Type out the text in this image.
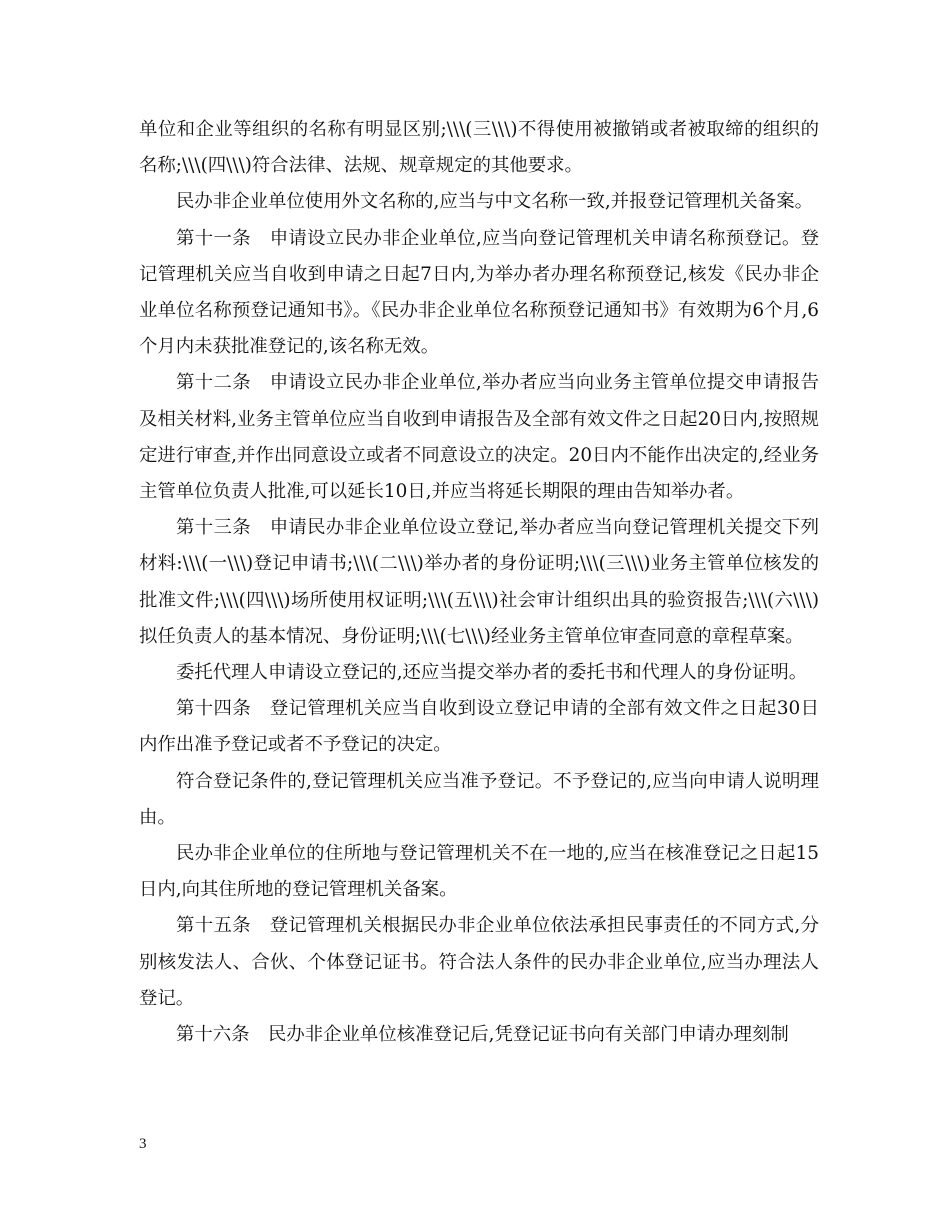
单位和企业等组织的名称有明显区别;\\\(三\\\)不得使用被撤销或者被取缔的组织的名称;\\\(四\\\)符合法律、法规、规章规定的其他要求。

民办非企业单位使用外文名称的,应当与中文名称一致,并报登记管理机关备案。

第十一条　申请设立民办非企业单位,应当向登记管理机关申请名称预登记。登记管理机关应当自收到申请之日起7日内,为举办者办理名称预登记,核发《民办非企业单位名称预登记通知书》。《民办非企业单位名称预登记通知书》有效期为6个月,6个月内未获批准登记的,该名称无效。

第十二条　申请设立民办非企业单位,举办者应当向业务主管单位提交申请报告及相关材料,业务主管单位应当自收到申请报告及全部有效文件之日起20日内,按照规定进行审查,并作出同意设立或者不同意设立的决定。20日内不能作出决定的,经业务主管单位负责人批准,可以延长10日,并应当将延长期限的理由告知举办者。

第十三条　申请民办非企业单位设立登记,举办者应当向登记管理机关提交下列材料:\\\(一\\\)登记申请书;\\\(二\\\)举办者的身份证明;\\\(三\\\)业务主管单位核发的批准文件;\\\(四\\\)场所使用权证明;\\\(五\\\)社会审计组织出具的验资报告;\\\(六\\\)拟任负责人的基本情况、身份证明;\\\(七\\\)经业务主管单位审查同意的章程草案。

委托代理人申请设立登记的,还应当提交举办者的委托书和代理人的身份证明。

第十四条　登记管理机关应当自收到设立登记申请的全部有效文件之日起30日内作出准予登记或者不予登记的决定。

符合登记条件的,登记管理机关应当准予登记。不予登记的,应当向申请人说明理由。

民办非企业单位的住所地与登记管理机关不在一地的,应当在核准登记之日起15日内,向其住所地的登记管理机关备案。

第十五条　登记管理机关根据民办非企业单位依法承担民事责任的不同方式,分别核发法人、合伙、个体登记证书。符合法人条件的民办非企业单位,应当办理法人登记。

第十六条　民办非企业单位核准登记后,凭登记证书向有关部门申请办理刻制

3
